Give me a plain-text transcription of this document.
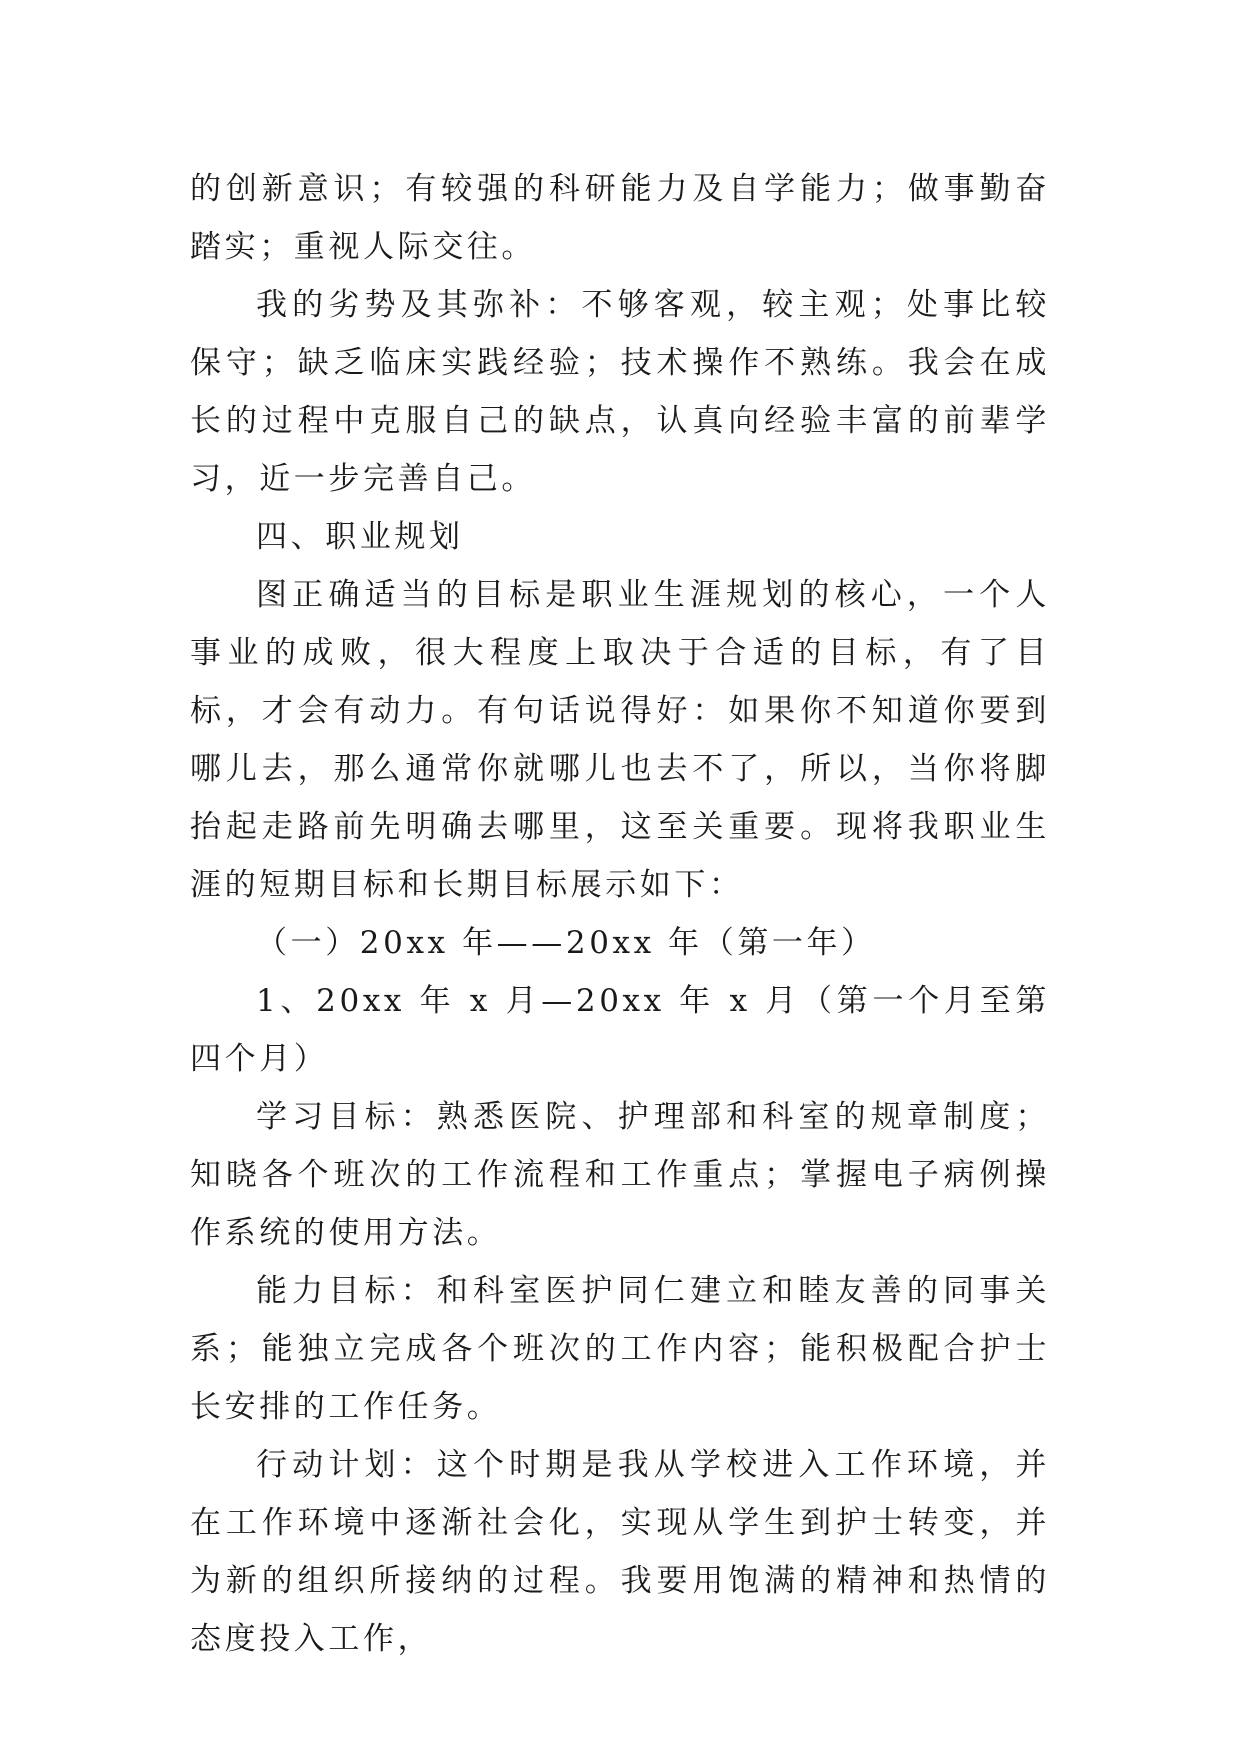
的创新意识；有较强的科研能力及自学能力；做事勤奋踏实；重视人际交往。

我的劣势及其弥补：不够客观，较主观；处事比较保守；缺乏临床实践经验；技术操作不熟练。我会在成长的过程中克服自己的缺点，认真向经验丰富的前辈学习，近一步完善自己。

四、职业规划

图正确适当的目标是职业生涯规划的核心，一个人事业的成败，很大程度上取决于合适的目标，有了目标，才会有动力。有句话说得好：如果你不知道你要到哪儿去，那么通常你就哪儿也去不了，所以，当你将脚抬起走路前先明确去哪里，这至关重要。现将我职业生涯的短期目标和长期目标展示如下：

（一）20xx 年——20xx 年（第一年）

1、20xx 年 x 月—20xx 年 x 月（第一个月至第四个月）

学习目标：熟悉医院、护理部和科室的规章制度；知晓各个班次的工作流程和工作重点；掌握电子病例操作系统的使用方法。

能力目标：和科室医护同仁建立和睦友善的同事关系；能独立完成各个班次的工作内容；能积极配合护士长安排的工作任务。

行动计划：这个时期是我从学校进入工作环境，并在工作环境中逐渐社会化，实现从学生到护士转变，并为新的组织所接纳的过程。我要用饱满的精神和热情的态度投入工作，
